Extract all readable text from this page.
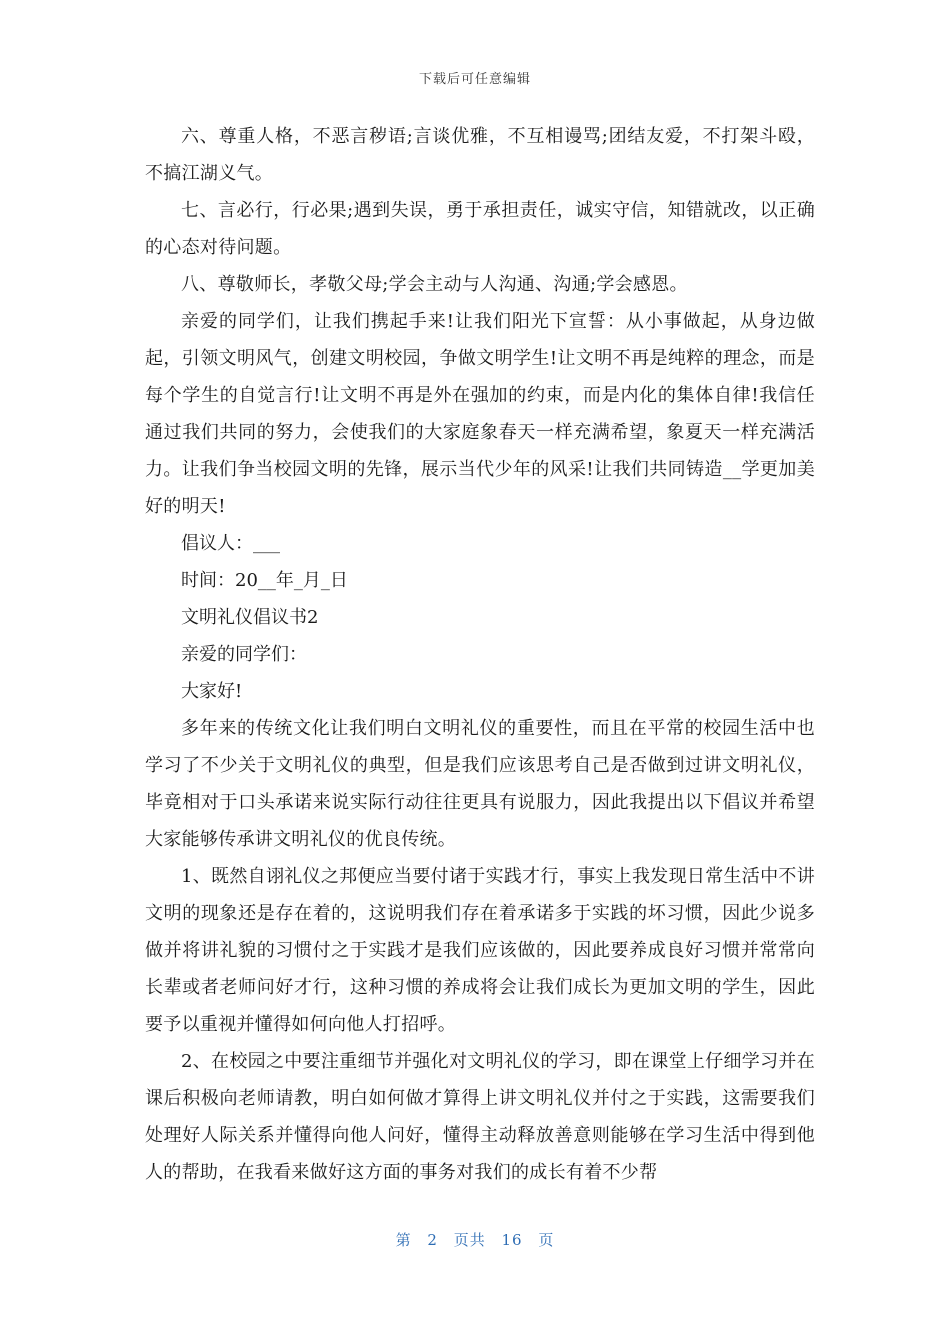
下载后可任意编辑

六、尊重人格，不恶言秽语;言谈优雅，不互相谩骂;团结友爱，不打架斗殴，不搞江湖义气。

七、言必行，行必果;遇到失误，勇于承担责任，诚实守信，知错就改，以正确的心态对待问题。

八、尊敬师长，孝敬父母;学会主动与人沟通、沟通;学会感恩。

亲爱的同学们，让我们携起手来!让我们阳光下宣誓：从小事做起，从身边做起，引领文明风气，创建文明校园，争做文明学生!让文明不再是纯粹的理念，而是每个学生的自觉言行!让文明不再是外在强加的约束，而是内化的集体自律!我信任通过我们共同的努力，会使我们的大家庭象春天一样充满希望，象夏天一样充满活力。让我们争当校园文明的先锋，展示当代少年的风采!让我们共同铸造__学更加美好的明天!

倡议人：___

时间：20__年_月_日

文明礼仪倡议书2

亲爱的同学们：

大家好!

多年来的传统文化让我们明白文明礼仪的重要性，而且在平常的校园生活中也学习了不少关于文明礼仪的典型，但是我们应该思考自己是否做到过讲文明礼仪，毕竟相对于口头承诺来说实际行动往往更具有说服力，因此我提出以下倡议并希望大家能够传承讲文明礼仪的优良传统。

1、既然自诩礼仪之邦便应当要付诸于实践才行，事实上我发现日常生活中不讲文明的现象还是存在着的，这说明我们存在着承诺多于实践的坏习惯，因此少说多做并将讲礼貌的习惯付之于实践才是我们应该做的，因此要养成良好习惯并常常向长辈或者老师问好才行，这种习惯的养成将会让我们成长为更加文明的学生，因此要予以重视并懂得如何向他人打招呼。

2、在校园之中要注重细节并强化对文明礼仪的学习，即在课堂上仔细学习并在课后积极向老师请教，明白如何做才算得上讲文明礼仪并付之于实践，这需要我们处理好人际关系并懂得向他人问好，懂得主动释放善意则能够在学习生活中得到他人的帮助，在我看来做好这方面的事务对我们的成长有着不少帮

第 2 页共 16 页
